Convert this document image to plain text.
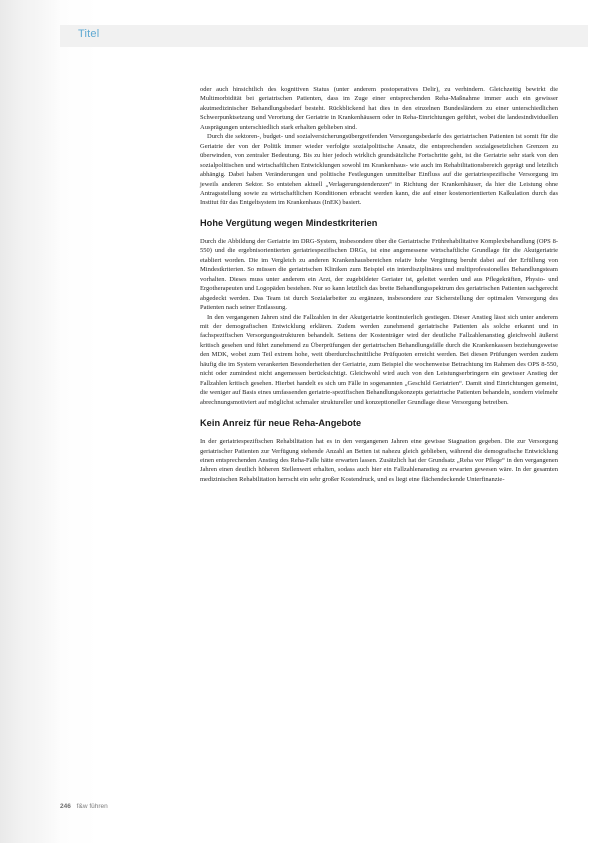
Titel

oder auch hinsichtlich des kognitiven Status (unter anderem postoperatives Delir), zu verhindern. Gleichzeitig bewirkt die Multimorbidität bei geriatrischen Patienten, dass im Zuge einer entsprechenden Reha-Maßnahme immer auch ein gewisser akutmedizinischer Behandlungsbedarf besteht. Rückblickend hat dies in den einzelnen Bundesländern zu einer unterschiedlichen Schwerpunktsetzung und Verortung der Geriatrie in Krankenhäusern oder in Reha-Einrichtungen geführt, wobei die landesindividuellen Ausprägungen unterschiedlich stark erhalten geblieben sind.

Durch die sektoren-, budget- und sozialversicherungsübergreifenden Versorgungsbedarfe des geriatrischen Patienten ist somit für die Geriatrie der von der Politik immer wieder verfolgte sozialpolitische Ansatz, die entsprechenden sozialgesetzlichen Grenzen zu überwinden, von zentraler Bedeutung. Bis zu hier jedoch wirklich grundsätzliche Fortschritte geht, ist die Geriatrie sehr stark von den sozialpolitischen und wirtschaftlichen Entwicklungen sowohl im Krankenhaus- wie auch im Rehabilitationsbereich geprägt und letztlich abhängig. Dabei haben Veränderungen und politische Festlegungen unmittelbar Einfluss auf die geriatriespezifische Versorgung im jeweils anderen Sektor. So entstehen aktuell „Verlagerungstendenzen“ in Richtung der Krankenhäuser, da hier die Leistung ohne Antragsstellung sowie zu wirtschaftlichen Konditionen erbracht werden kann, die auf einer kostenorientierten Kalkulation durch das Institut für das Entgeltsystem im Krankenhaus (InEK) basiert.

Hohe Vergütung wegen Mindestkriterien

Durch die Abbildung der Geriatrie im DRG-System, insbesondere über die Geriatrische Frührehabilitative Komplexbehandlung (OPS 8-550) und die ergebnisorientierten geriatriespezifischen DRGs, ist eine angemessene wirtschaftliche Grundlage für die Akutgeriatrie etabliert worden. Die im Vergleich zu anderen Krankenhausbereichen relativ hohe Vergütung beruht dabei auf der Erfüllung von Mindestkriterien. So müssen die geriatrischen Kliniken zum Beispiel ein interdisziplinäres und multiprofessionelles Behandlungsteam vorhalten. Dieses muss unter anderem ein Arzt, der zugebildeter Geriater ist, geleitet werden und aus Pflegekräften, Physio- und Ergotherapeuten und Logopäden bestehen. Nur so kann letztlich das breite Behandlungsspektrum des geriatrischen Patienten sachgerecht abgedeckt werden. Das Team ist durch Sozialarbeiter zu ergänzen, insbesondere zur Sicherstellung der optimalen Versorgung des Patienten nach seiner Entlassung.

In den vergangenen Jahren sind die Fallzahlen in der Akutgeriatrie kontinuierlich gestiegen. Dieser Anstieg lässt sich unter anderem mit der demografischen Entwicklung erklären. Zudem werden zunehmend geriatrische Patienten als solche erkannt und in fachspezifischen Versorgungsstrukturen behandelt. Seitens der Kostenträger wird der deutliche Fallzahlenanstieg gleichwohl äußerst kritisch gesehen und führt zunehmend zu Überprüfungen der geriatrischen Behandlungsfälle durch die Krankenkassen beziehungsweise den MDK, wobei zum Teil extrem hohe, weit überdurchschnittliche Prüfquoten erreicht werden. Bei diesen Prüfungen werden zudem häufig die im System verankerten Besonderheiten der Geriatrie, zum Beispiel die wochenweise Betrachtung im Rahmen des OPS 8-550, nicht oder zumindest nicht angemessen berücksichtigt. Gleichwohl wird auch von den Leistungserbringern ein gewisser Anstieg der Fallzahlen kritisch gesehen. Hierbei handelt es sich um Fälle in sogenannten „Geschild Geriatrien“. Damit sind Einrichtungen gemeint, die weniger auf Basis eines umfassenden geriatrie-spezifischen Behandlungskonzepts geriatrische Patienten behandeln, sondern vielmehr abrechnungsmotiviert auf möglichst schmaler struktureller und konzeptioneller Grundlage diese Versorgung betreiben.

Kein Anreiz für neue Reha-Angebote

In der geriatriespezifischen Rehabilitation hat es in den vergangenen Jahren eine gewisse Stagnation gegeben. Die zur Versorgung geriatrischer Patienten zur Verfügung stehende Anzahl an Betten ist nahezu gleich geblieben, während die demografische Entwicklung einen entsprechenden Anstieg des Reha-Falle hätte erwarten lassen. Zusätzlich hat der Grundsatz „Reha vor Pflege“ in den vergangenen Jahren einen deutlich höheren Stellenwert erhalten, sodass auch hier ein Fallzahlenanstieg zu erwarten gewesen wäre. In der gesamten medizinischen Rehabilitation herrscht ein sehr großer Kostendruck, und es liegt eine flächendeckende Unterfinanzie-

246 f&w führen
